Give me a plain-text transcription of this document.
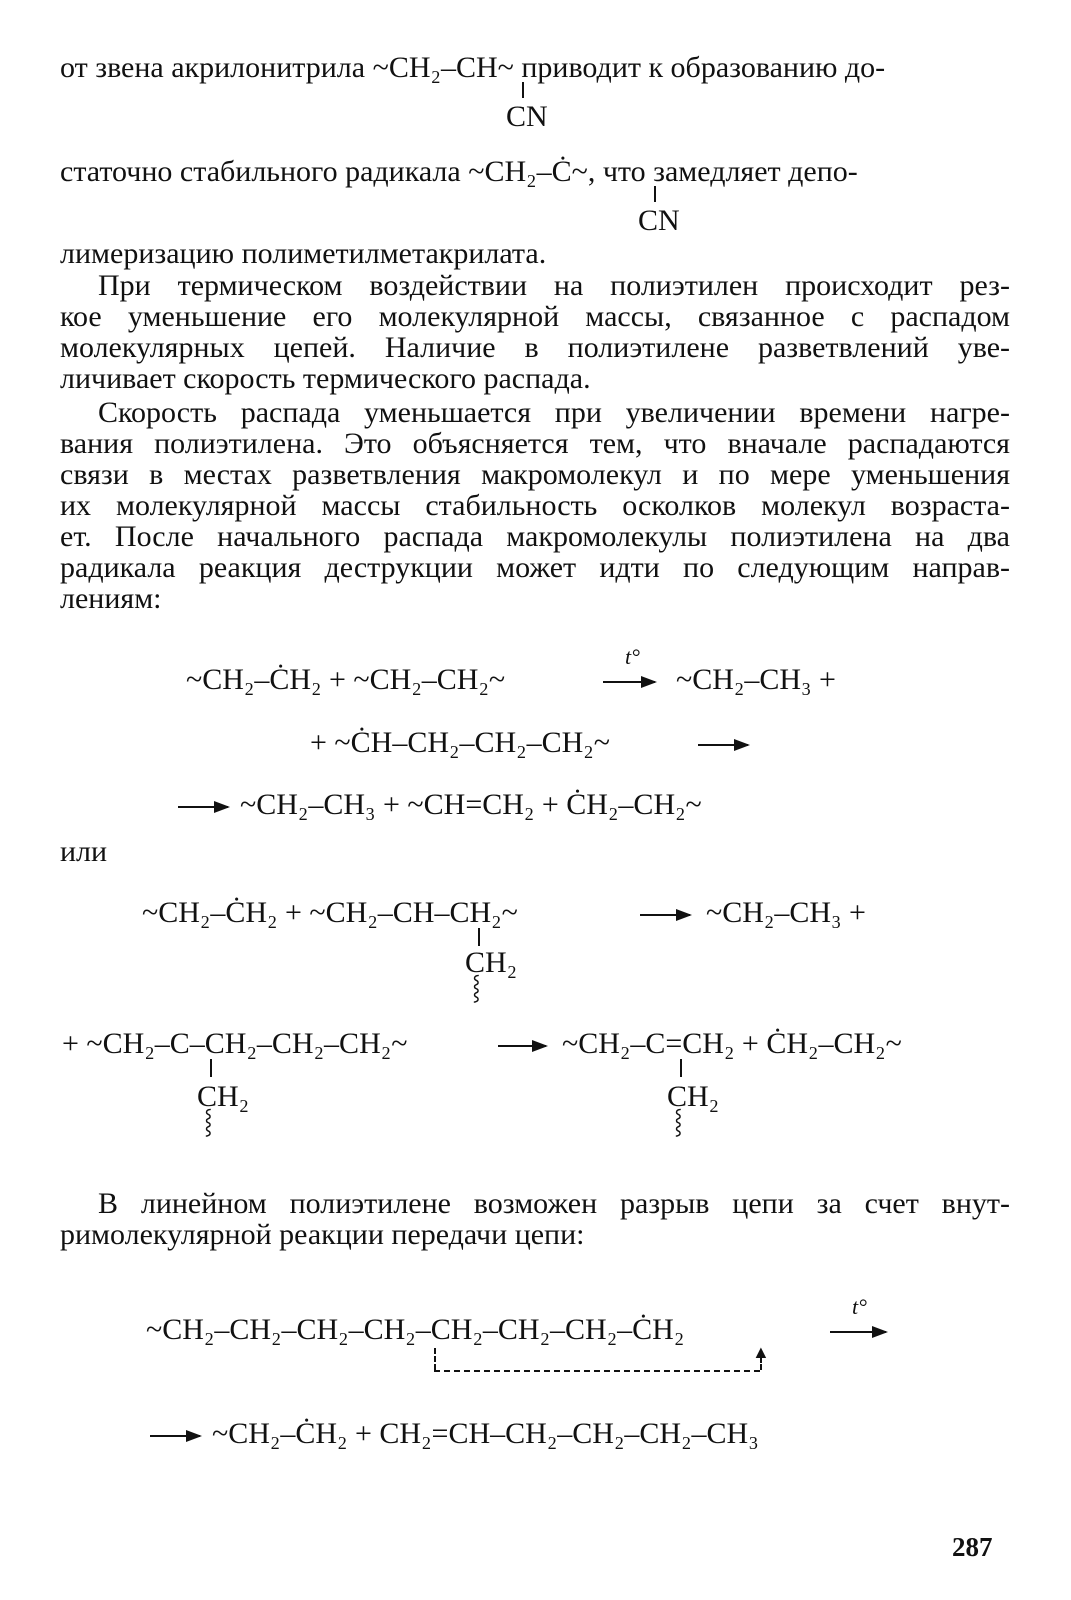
от звена акрилонитрила ~CH₂–CH~ приводит к образованию до-
CN
статочно стабильного радикала ~CH₂–Ċ~, что замедляет депо-
CN
лимеризацию полиметилметакрилата.
При термическом воздействии на полиэтилен происходит рез-
кое уменьшение его молекулярной массы, связанное с распадом
молекулярных цепей. Наличие в полиэтилене разветвлений уве-
личивает скорость термического распада.
Скорость распада уменьшается при увеличении времени нагре-
вания полиэтилена. Это объясняется тем, что вначале распадаются
связи в местах разветвления макромолекул и по мере уменьшения
их молекулярной массы стабильность осколков молекул возраста-
ет. После начального распада макромолекулы полиэтилена на два
радикала реакция деструкции может идти по следующим направ-
лениям:
~CH₂–ĊH₂ + ~CH₂–CH₂~
t°
~CH₂–CH₃ +
+ ~ĊH–CH₂–CH₂–CH₂~
~CH₂–CH₃ + ~CH=CH₂ + ĊH₂–CH₂~
или
~CH₂–ĊH₂ + ~CH₂–CH–CH₂~	~CH₂–CH₃ +
CH₂
⸾
+ ~CH₂–C–CH₂–CH₂–CH₂~	~CH₂–C=CH₂ + ĊH₂–CH₂~
CH₂
⸾
CH₂
⸾
В линейном полиэтилене возможен разрыв цепи за счет внут-
римолекулярной реакции передачи цепи:
~CH₂–CH₂–CH₂–CH₂–CH₂–CH₂–CH₂–ĊH₂
t°
▲
~CH₂–ĊH₂ + CH₂=CH–CH₂–CH₂–CH₂–CH₃
287
